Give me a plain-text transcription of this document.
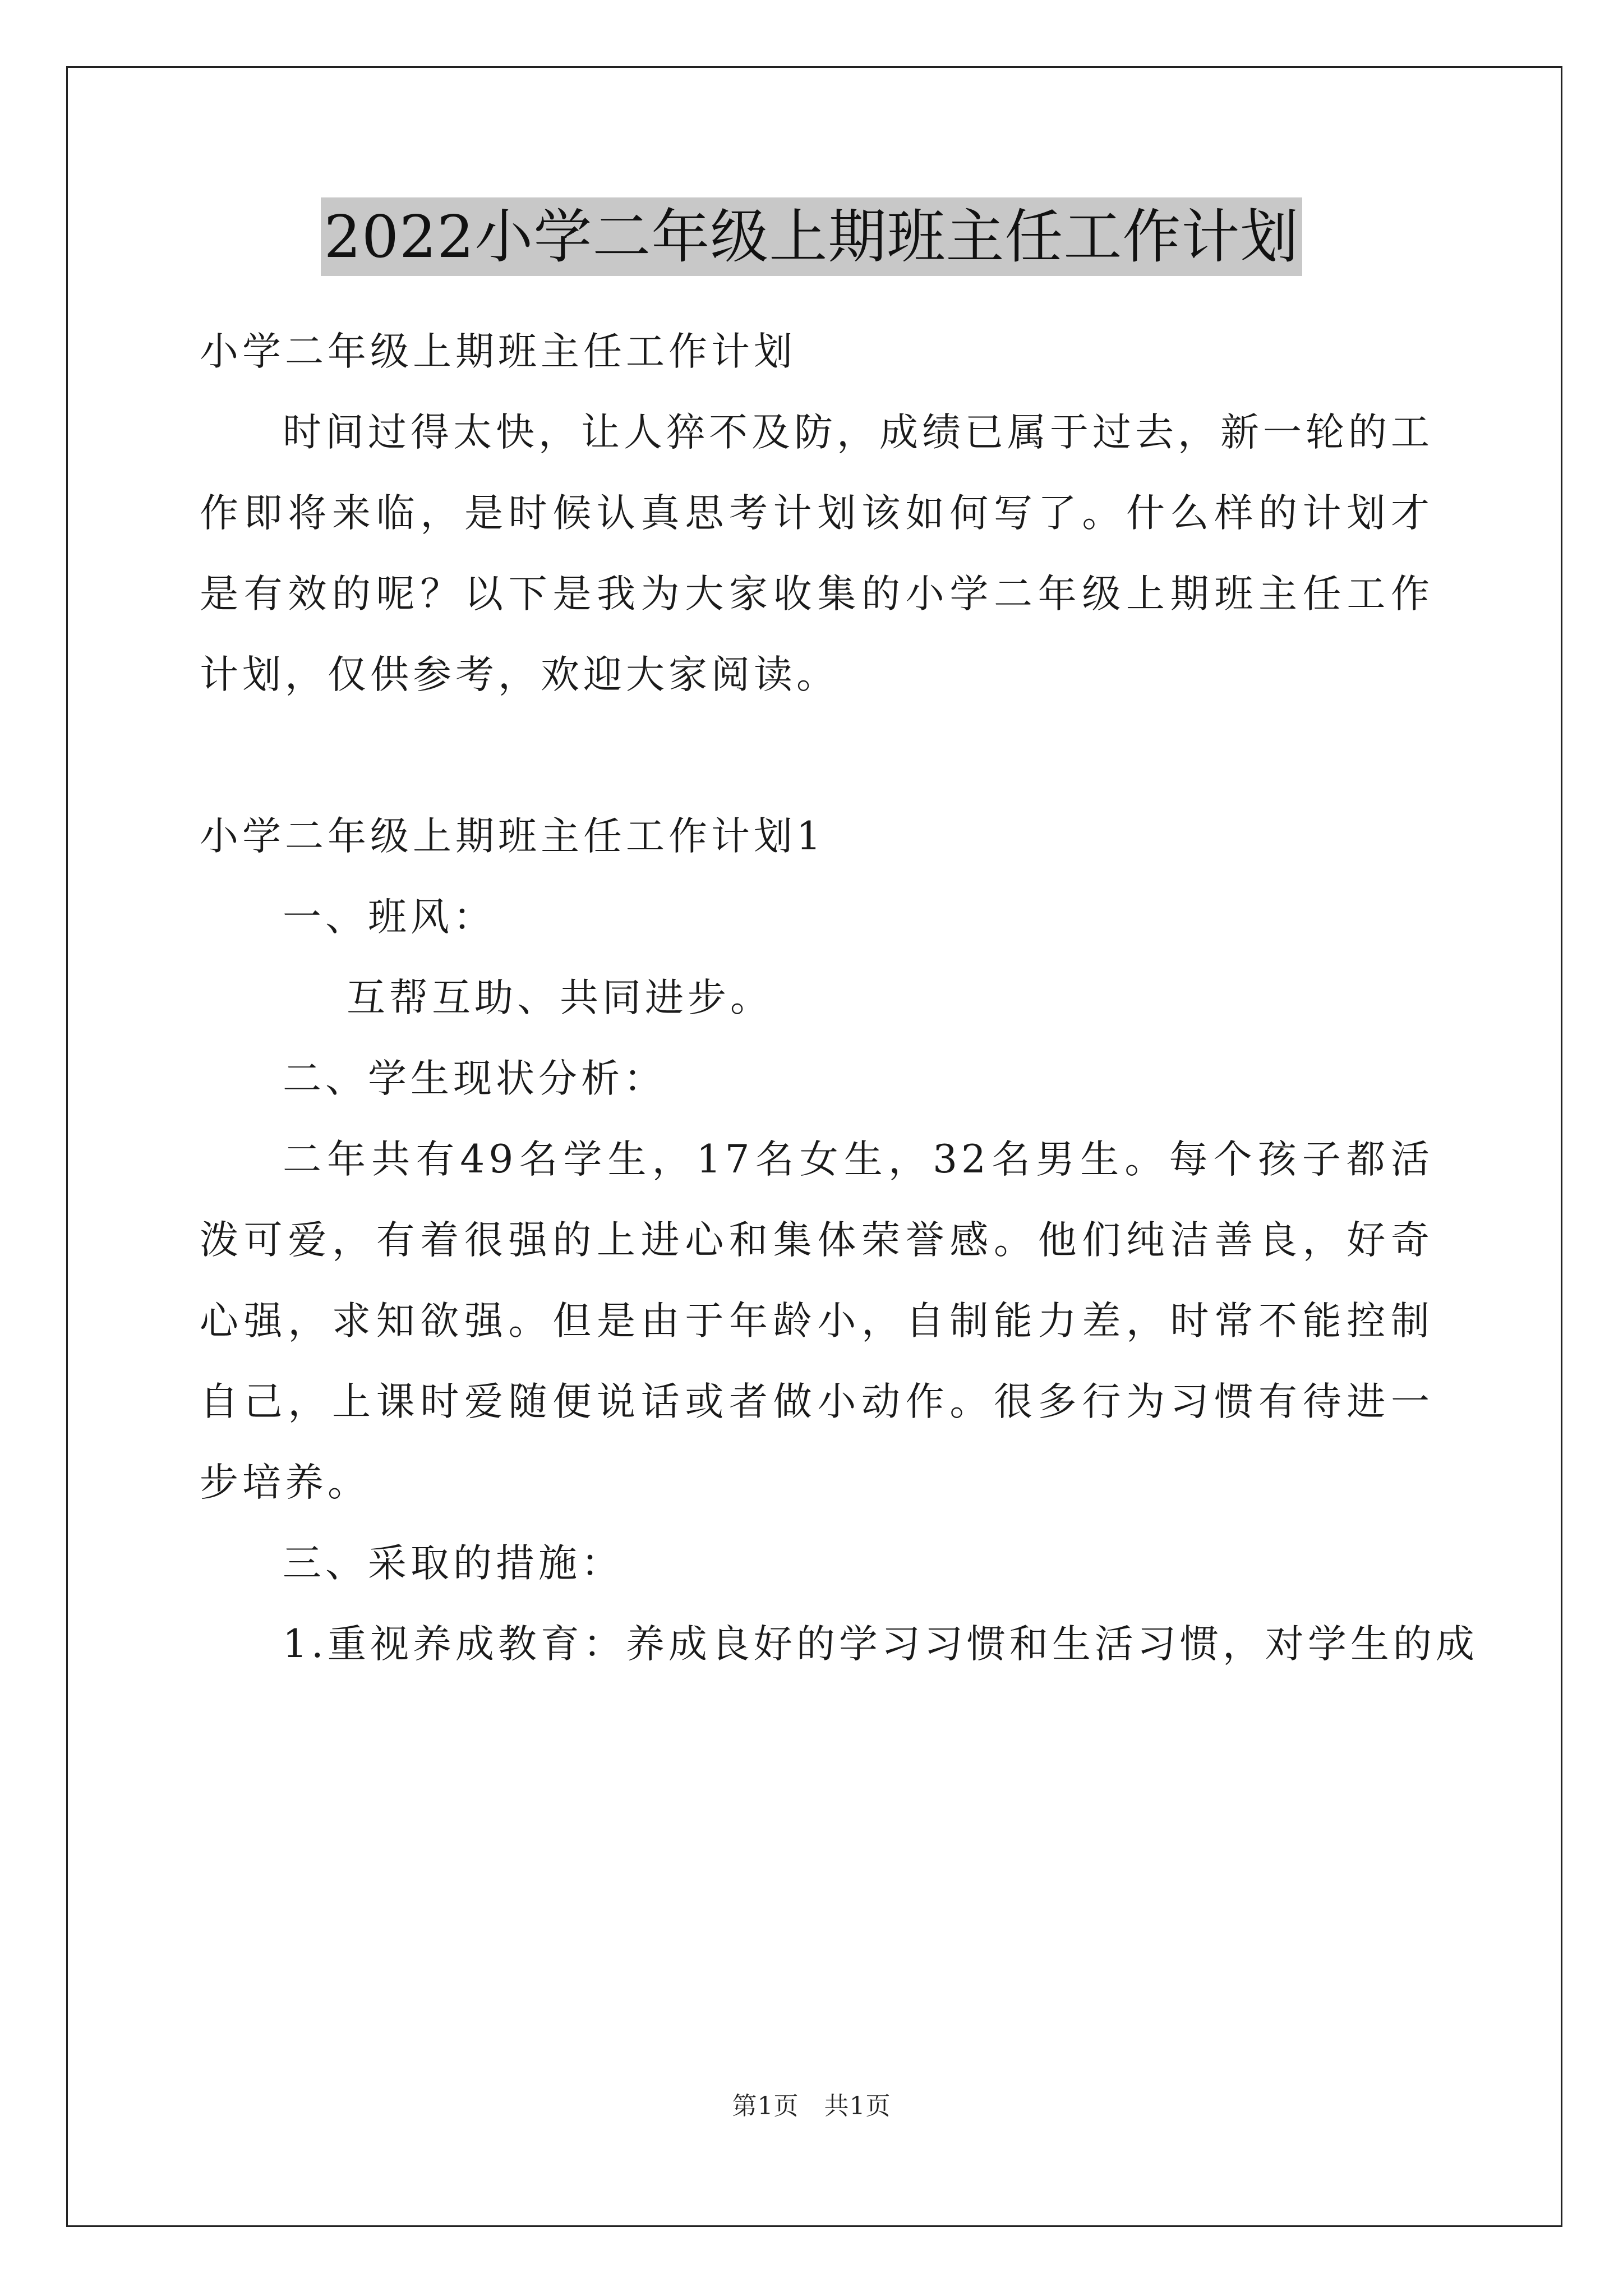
2022小学二年级上期班主任工作计划
小学二年级上期班主任工作计划
时间过得太快，让人猝不及防，成绩已属于过去，新一轮的工作即将来临，是时候认真思考计划该如何写了。什么样的计划才是有效的呢？以下是我为大家收集的小学二年级上期班主任工作计划，仅供参考，欢迎大家阅读。
小学二年级上期班主任工作计划1
一、班风：
互帮互助、共同进步。
二、学生现状分析：
二年共有49名学生，17名女生，32名男生。每个孩子都活泼可爱，有着很强的上进心和集体荣誉感。他们纯洁善良，好奇心强，求知欲强。但是由于年龄小，自制能力差，时常不能控制自己，上课时爱随便说话或者做小动作。很多行为习惯有待进一步培养。
三、采取的措施：
1.重视养成教育：养成良好的学习习惯和生活习惯，对学生的成
第1页　共1页
